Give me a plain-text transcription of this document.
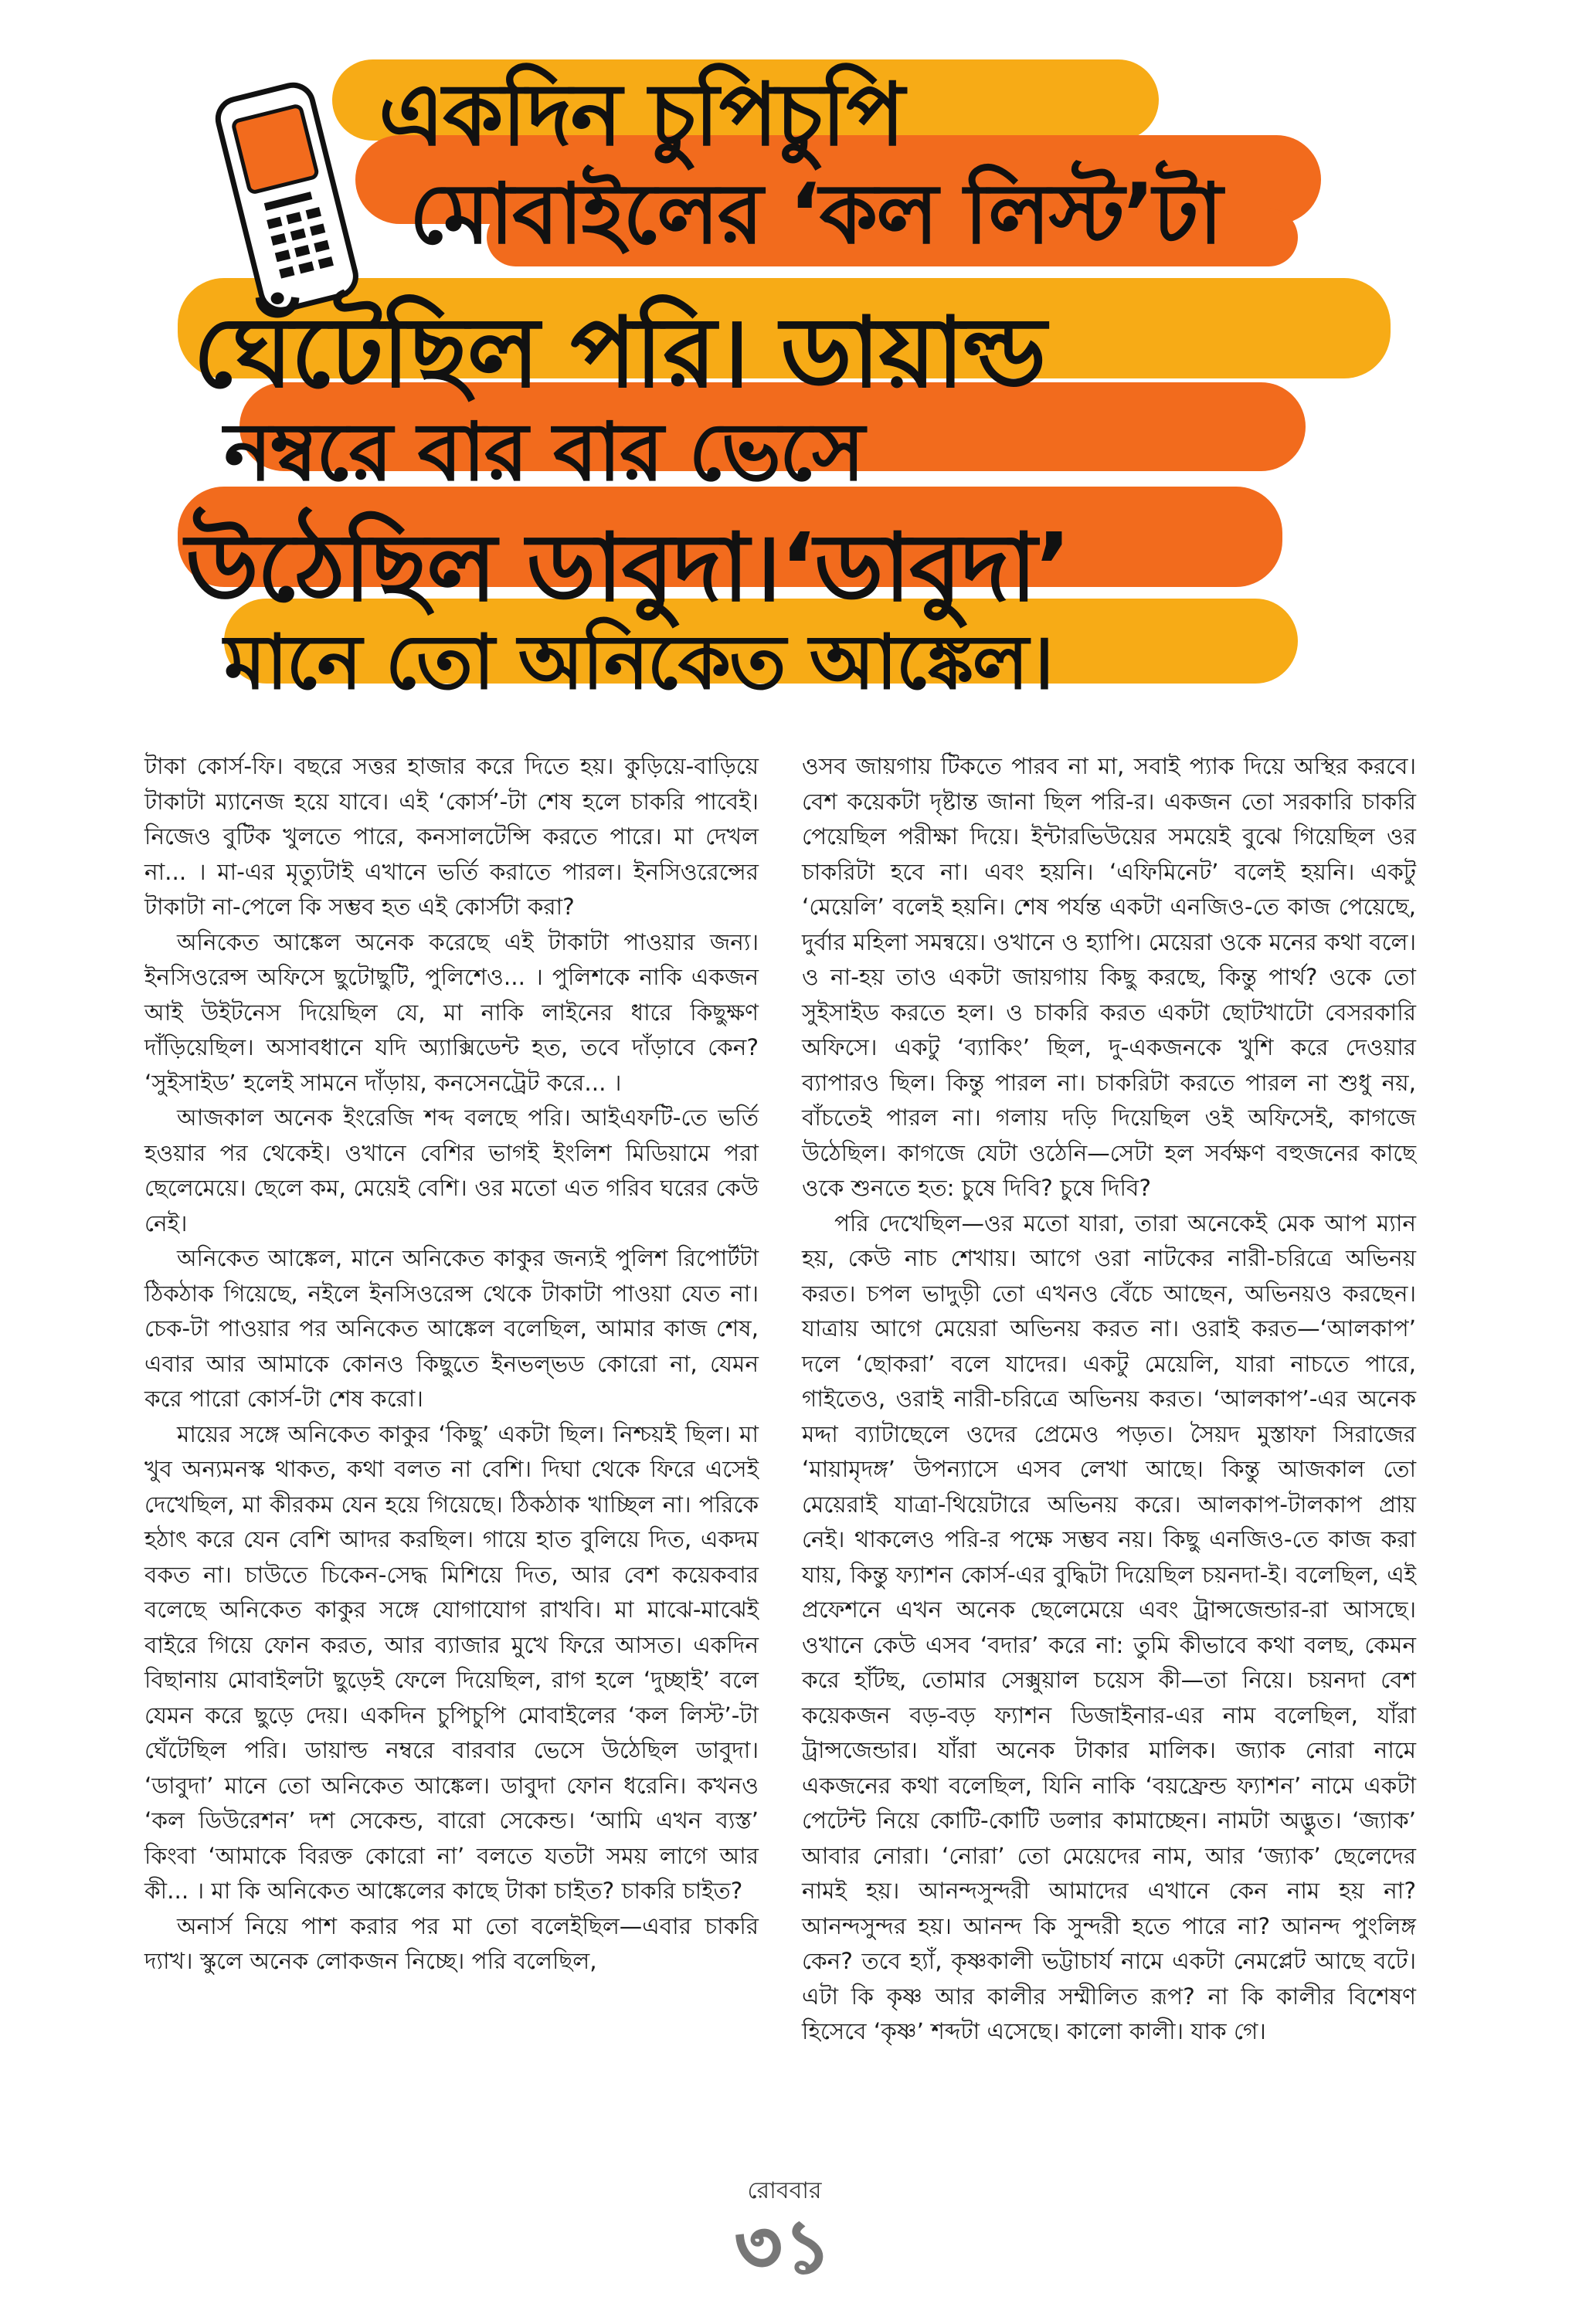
একদিন চুপিচুপি
মোবাইলের ‘কল লিস্ট’টা
ঘেঁটেছিল পরি। ডায়াল্ড
নম্বরে বার বার ভেসে
উঠেছিল ডাবুদা।‘ডাবুদা’
মানে তো অনিকেত আঙ্কেল।

টাকা কোর্স-ফি। বছরে সত্তর হাজার করে দিতে হয়। কুড়িয়ে-বাড়িয়ে টাকাটা ম্যানেজ হয়ে যাবে। এই ‘কোর্স’-টা শেষ হলে চাকরি পাবেই। নিজেও বুটিক খুলতে পারে, কনসালটেন্সি করতে পারে। মা দেখল না... । মা-এর মৃত্যুটাই এখানে ভর্তি করাতে পারল। ইনসিওরেন্সের টাকাটা না-পেলে কি সম্ভব হত এই কোর্সটা করা?

অনিকেত আঙ্কেল অনেক করেছে এই টাকাটা পাওয়ার জন্য। ইনসিওরেন্স অফিসে ছুটোছুটি, পুলিশেও... । পুলিশকে নাকি একজন আই উইটনেস দিয়েছিল যে, মা নাকি লাইনের ধারে কিছুক্ষণ দাঁড়িয়েছিল। অসাবধানে যদি অ্যাক্সিডেন্ট হত, তবে দাঁড়াবে কেন? ‘সুইসাইড’ হলেই সামনে দাঁড়ায়, কনসেনট্রেট করে... ।

আজকাল অনেক ইংরেজি শব্দ বলছে পরি। আইএফটি-তে ভর্তি হওয়ার পর থেকেই। ওখানে বেশির ভাগই ইংলিশ মিডিয়ামে পরা ছেলেমেয়ে। ছেলে কম, মেয়েই বেশি। ওর মতো এত গরিব ঘরের কেউ নেই।

অনিকেত আঙ্কেল, মানে অনিকেত কাকুর জন্যই পুলিশ রিপোর্টটা ঠিকঠাক গিয়েছে, নইলে ইনসিওরেন্স থেকে টাকাটা পাওয়া যেত না। চেক-টা পাওয়ার পর অনিকেত আঙ্কেল বলেছিল, আমার কাজ শেষ, এবার আর আমাকে কোনও কিছুতে ইনভল্ভড কোরো না, যেমন করে পারো কোর্স-টা শেষ করো।

মায়ের সঙ্গে অনিকেত কাকুর ‘কিছু’ একটা ছিল। নিশ্চয়ই ছিল। মা খুব অন্যমনস্ক থাকত, কথা বলত না বেশি। দিঘা থেকে ফিরে এসেই দেখেছিল, মা কীরকম যেন হয়ে গিয়েছে। ঠিকঠাক খাচ্ছিল না। পরিকে হঠাৎ করে যেন বেশি আদর করছিল। গায়ে হাত বুলিয়ে দিত, একদম বকত না। চাউতে চিকেন-সেদ্ধ মিশিয়ে দিত, আর বেশ কয়েকবার বলেছে অনিকেত কাকুর সঙ্গে যোগাযোগ রাখবি। মা মাঝে-মাঝেই বাইরে গিয়ে ফোন করত, আর ব্যাজার মুখে ফিরে আসত। একদিন বিছানায় মোবাইলটা ছুড়েই ফেলে দিয়েছিল, রাগ হলে ‘দুচ্ছাই’ বলে যেমন করে ছুড়ে দেয়। একদিন চুপিচুপি মোবাইলের ‘কল লিস্ট’-টা ঘেঁটেছিল পরি। ডায়াল্ড নম্বরে বারবার ভেসে উঠেছিল ডাবুদা। ‘ডাবুদা’ মানে তো অনিকেত আঙ্কেল। ডাবুদা ফোন ধরেনি। কখনও ‘কল ডিউরেশন’ দশ সেকেন্ড, বারো সেকেন্ড। ‘আমি এখন ব্যস্ত’ কিংবা ‘আমাকে বিরক্ত কোরো না’ বলতে যতটা সময় লাগে আর কী... । মা কি অনিকেত আঙ্কেলের কাছে টাকা চাইত? চাকরি চাইত?

অনার্স নিয়ে পাশ করার পর মা তো বলেইছিল—এবার চাকরি দ্যাখ। স্কুলে অনেক লোকজন নিচ্ছে। পরি বলেছিল,

ওসব জায়গায় টিকতে পারব না মা, সবাই প্যাক দিয়ে অস্থির করবে। বেশ কয়েকটা দৃষ্টান্ত জানা ছিল পরি-র। একজন তো সরকারি চাকরি পেয়েছিল পরীক্ষা দিয়ে। ইন্টারভিউয়ের সময়েই বুঝে গিয়েছিল ওর চাকরিটা হবে না। এবং হয়নি। ‘এফিমিনেট’ বলেই হয়নি। একটু ‘মেয়েলি’ বলেই হয়নি। শেষ পর্যন্ত একটা এনজিও-তে কাজ পেয়েছে, দুর্বার মহিলা সমন্বয়ে। ওখানে ও হ্যাপি। মেয়েরা ওকে মনের কথা বলে। ও না-হয় তাও একটা জায়গায় কিছু করছে, কিন্তু পার্থ? ওকে তো সুইসাইড করতে হল। ও চাকরি করত একটা ছোটখাটো বেসরকারি অফিসে। একটু ‘ব্যাকিং’ ছিল, দু-একজনকে খুশি করে দেওয়ার ব্যাপারও ছিল। কিন্তু পারল না। চাকরিটা করতে পারল না শুধু নয়, বাঁচতেই পারল না। গলায় দড়ি দিয়েছিল ওই অফিসেই, কাগজে উঠেছিল। কাগজে যেটা ওঠেনি—সেটা হল সর্বক্ষণ বহুজনের কাছে ওকে শুনতে হত: চুষে দিবি? চুষে দিবি?

পরি দেখেছিল—ওর মতো যারা, তারা অনেকেই মেক আপ ম্যান হয়, কেউ নাচ শেখায়। আগে ওরা নাটকের নারী-চরিত্রে অভিনয় করত। চপল ভাদুড়ী তো এখনও বেঁচে আছেন, অভিনয়ও করছেন। যাত্রায় আগে মেয়েরা অভিনয় করত না। ওরাই করত—‘আলকাপ’ দলে ‘ছোকরা’ বলে যাদের। একটু মেয়েলি, যারা নাচতে পারে, গাইতেও, ওরাই নারী-চরিত্রে অভিনয় করত। ‘আলকাপ’-এর অনেক মদ্দা ব্যাটাছেলে ওদের প্রেমেও পড়ত। সৈয়দ মুস্তাফা সিরাজের ‘মায়ামৃদঙ্গ’ উপন্যাসে এসব লেখা আছে। কিন্তু আজকাল তো মেয়েরাই যাত্রা-থিয়েটারে অভিনয় করে। আলকাপ-টালকাপ প্রায় নেই। থাকলেও পরি-র পক্ষে সম্ভব নয়। কিছু এনজিও-তে কাজ করা যায়, কিন্তু ফ্যাশন কোর্স-এর বুদ্ধিটা দিয়েছিল চয়নদা-ই। বলেছিল, এই প্রফেশনে এখন অনেক ছেলেমেয়ে এবং ট্রান্সজেন্ডার-রা আসছে। ওখানে কেউ এসব ‘বদার’ করে না: তুমি কীভাবে কথা বলছ, কেমন করে হাঁটছ, তোমার সেক্সুয়াল চয়েস কী—তা নিয়ে। চয়নদা বেশ কয়েকজন বড়-বড় ফ্যাশন ডিজাইনার-এর নাম বলেছিল, যাঁরা ট্রান্সজেন্ডার। যাঁরা অনেক টাকার মালিক। জ্যাক নোরা নামে একজনের কথা বলেছিল, যিনি নাকি ‘বয়ফ্রেন্ড ফ্যাশন’ নামে একটা পেটেন্ট নিয়ে কোটি-কোটি ডলার কামাচ্ছেন। নামটা অদ্ভুত। ‘জ্যাক’ আবার নোরা। ‘নোরা’ তো মেয়েদের নাম, আর ‘জ্যাক’ ছেলেদের নামই হয়। আনন্দসুন্দরী আমাদের এখানে কেন নাম হয় না? আনন্দসুন্দর হয়। আনন্দ কি সুন্দরী হতে পারে না? আনন্দ পুংলিঙ্গ কেন? তবে হ্যাঁ, কৃষ্ণকালী ভট্টাচার্য নামে একটা নেমপ্লেট আছে বটে। এটা কি কৃষ্ণ আর কালীর সম্মীলিত রূপ? না কি কালীর বিশেষণ হিসেবে ‘কৃষ্ণ’ শব্দটা এসেছে। কালো কালী। যাক গে।

রোববার
৩১
